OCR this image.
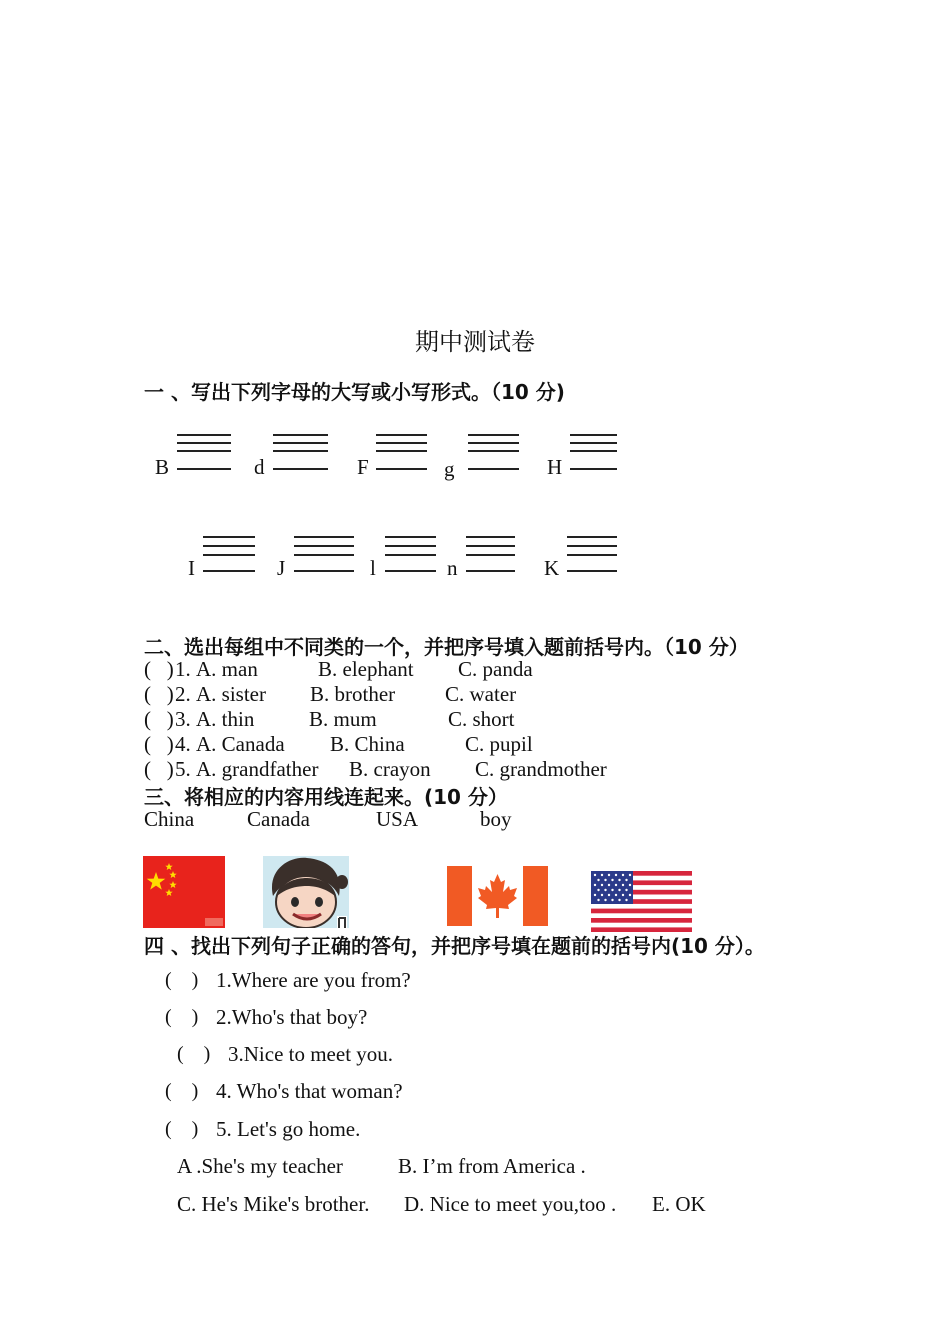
期中测试卷
一 、写出下列字母的大写或小写形式。（10 分)
B	d	F	g	H
I	J	l	n	K
二、选出每组中不同类的一个，并把序号填入题前括号内。（10 分）
(   ) 1. A. man	B. elephant C. panda
(   ) 2. A. sister B. brother C. water
(   ) 3. A. thin	B. mum	C. short
(   ) 4. A. Canada B. China	C. pupil
(   ) 5. A. grandfather B. crayon C. grandmother
三、将相应的内容用线连起来。(10 分）
China	Canada	USA	boy
四 、找出下列句子正确的答句，并把序号填在题前的括号内(10 分）。
(    ) 1.Where are you from?
(    ) 2.Who's that boy?
(    ) 3.Nice to meet you.
(    ) 4. Who's that woman?
(    ) 5. Let's go home.
A .She's my teacher	B. I’m from America .
C. He's Mike's brother. D. Nice to meet you,too . E. OK
